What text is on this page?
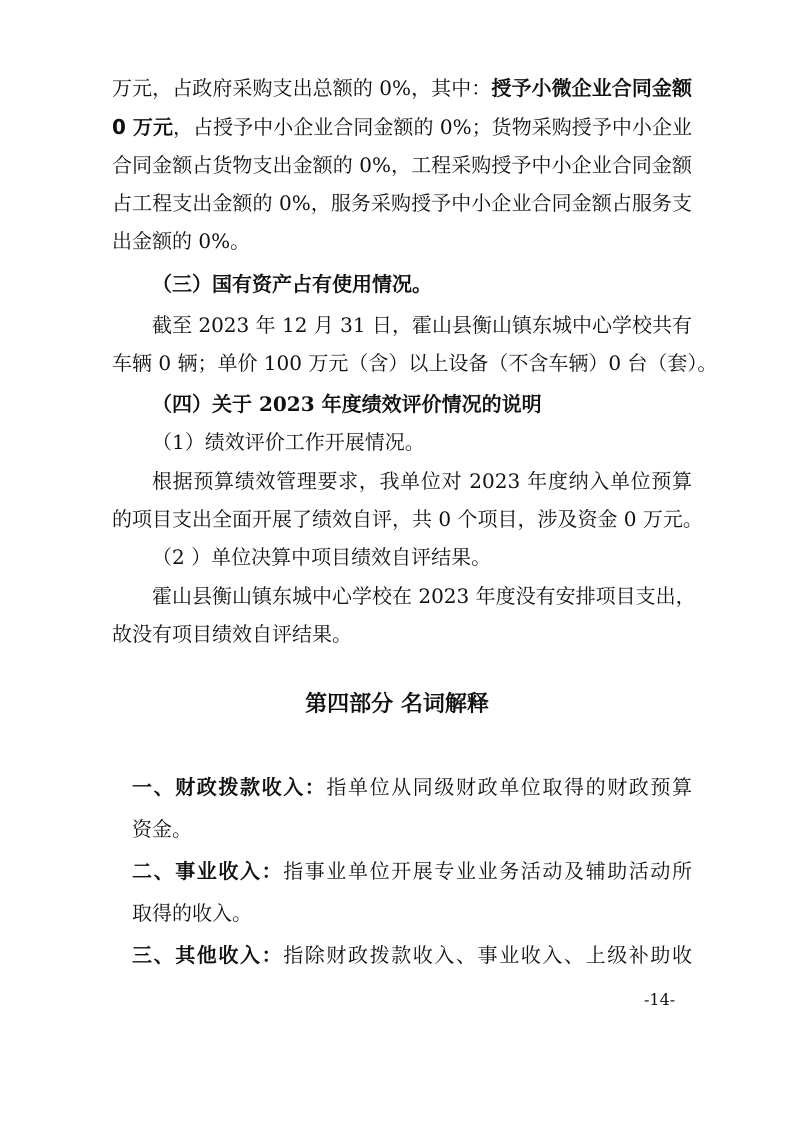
万元，占政府采购支出总额的 0%，其中：授予小微企业合同金额
0 万元，占授予中小企业合同金额的 0%；货物采购授予中小企业
合同金额占货物支出金额的 0%，工程采购授予中小企业合同金额
占工程支出金额的 0%，服务采购授予中小企业合同金额占服务支
出金额的 0%。
（三）国有资产占有使用情况。
截至 2023 年 12 月 31 日，霍山县衡山镇东城中心学校共有
车辆 0 辆；单价 100 万元（含）以上设备（不含车辆）0 台（套）。
（四）关于 2023 年度绩效评价情况的说明
（1）绩效评价工作开展情况。
根据预算绩效管理要求，我单位对 2023 年度纳入单位预算
的项目支出全面开展了绩效自评，共 0 个项目，涉及资金 0 万元。
（2 ）单位决算中项目绩效自评结果。
霍山县衡山镇东城中心学校在 2023 年度没有安排项目支出，
故没有项目绩效自评结果。
第四部分 名词解释
一、财政拨款收入：指单位从同级财政单位取得的财政预算
资金。
二、事业收入：指事业单位开展专业业务活动及辅助活动所
取得的收入。
三、其他收入：指除财政拨款收入、事业收入、上级补助收
-14-
